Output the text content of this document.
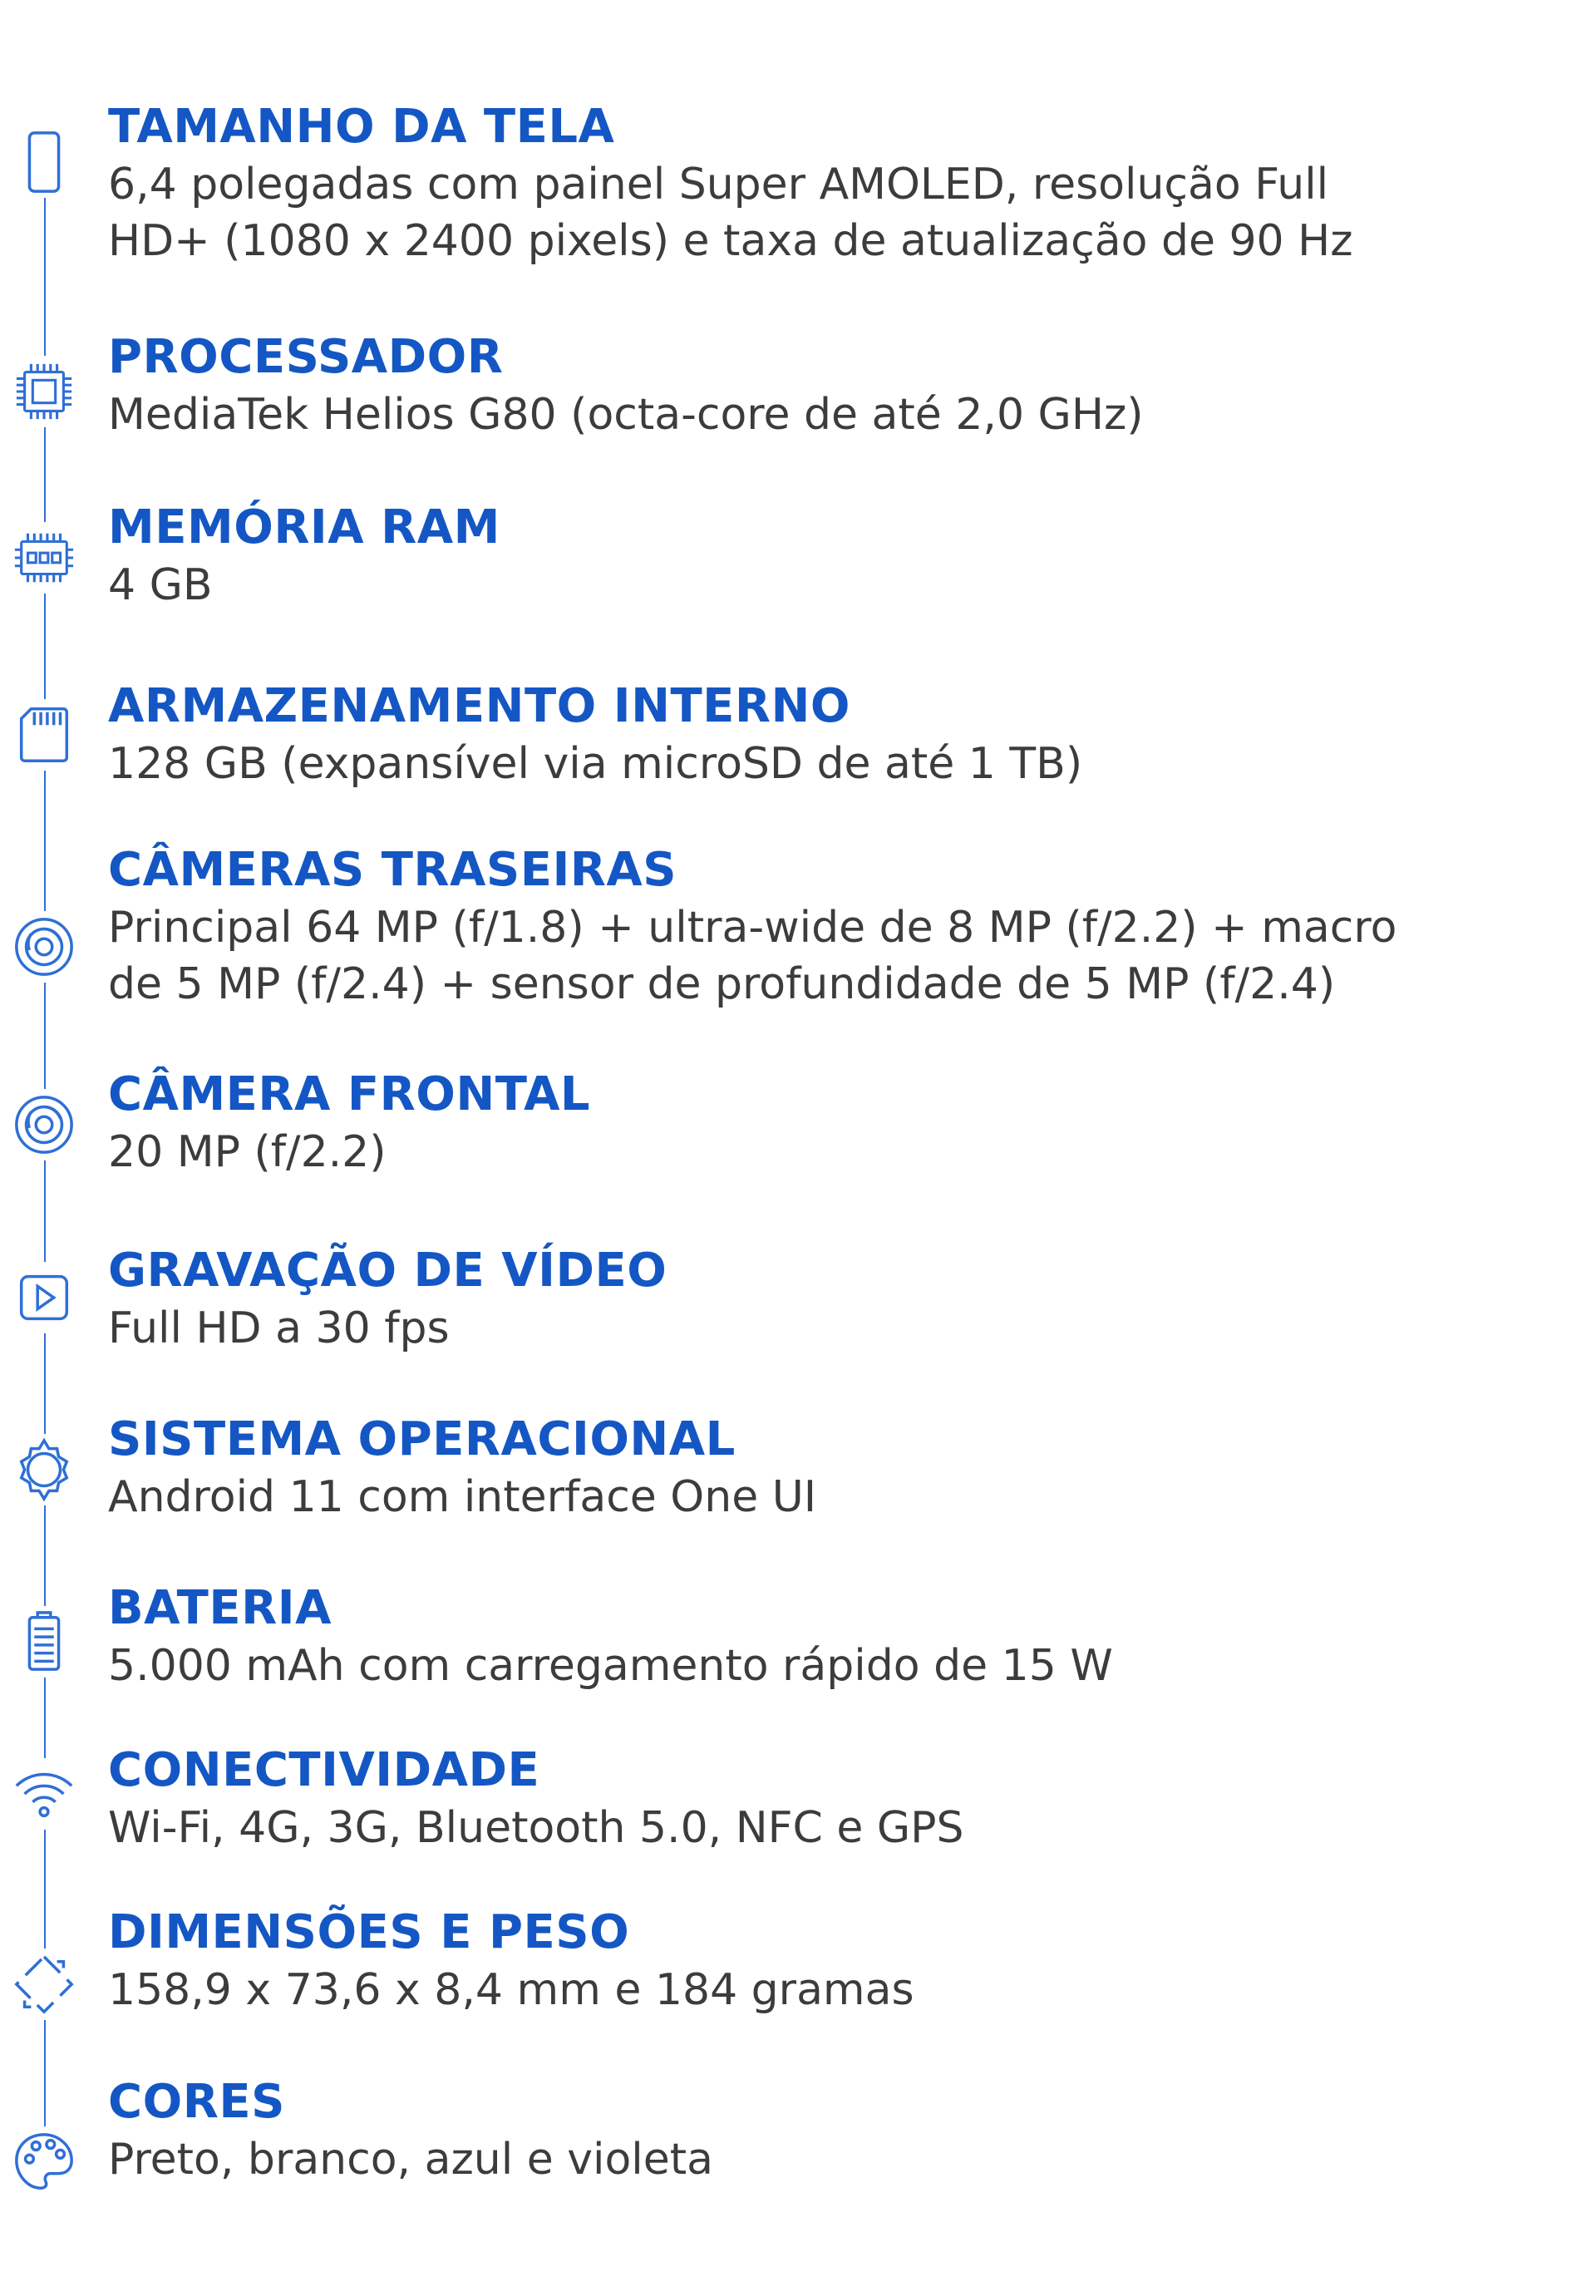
TAMANHO DA TELA
6,4 polegadas com painel Super AMOLED, resolução Full
HD+ (1080 x 2400 pixels) e taxa de atualização de 90 Hz
PROCESSADOR
MediaTek Helios G80 (octa-core de até 2,0 GHz)
MEMÓRIA RAM
4 GB
ARMAZENAMENTO INTERNO
128 GB (expansível via microSD de até 1 TB)
CÂMERAS TRASEIRAS
Principal 64 MP (f/1.8) + ultra-wide de 8 MP (f/2.2) + macro
de 5 MP (f/2.4) + sensor de profundidade de 5 MP (f/2.4)
CÂMERA FRONTAL
20 MP (f/2.2)
GRAVAÇÃO DE VÍDEO
Full HD a 30 fps
SISTEMA OPERACIONAL
Android 11 com interface One UI
BATERIA
5.000 mAh com carregamento rápido de 15 W
CONECTIVIDADE
Wi-Fi, 4G, 3G, Bluetooth 5.0, NFC e GPS
DIMENSÕES E PESO
158,9 x 73,6 x 8,4 mm e 184 gramas
CORES
Preto, branco, azul e violeta
